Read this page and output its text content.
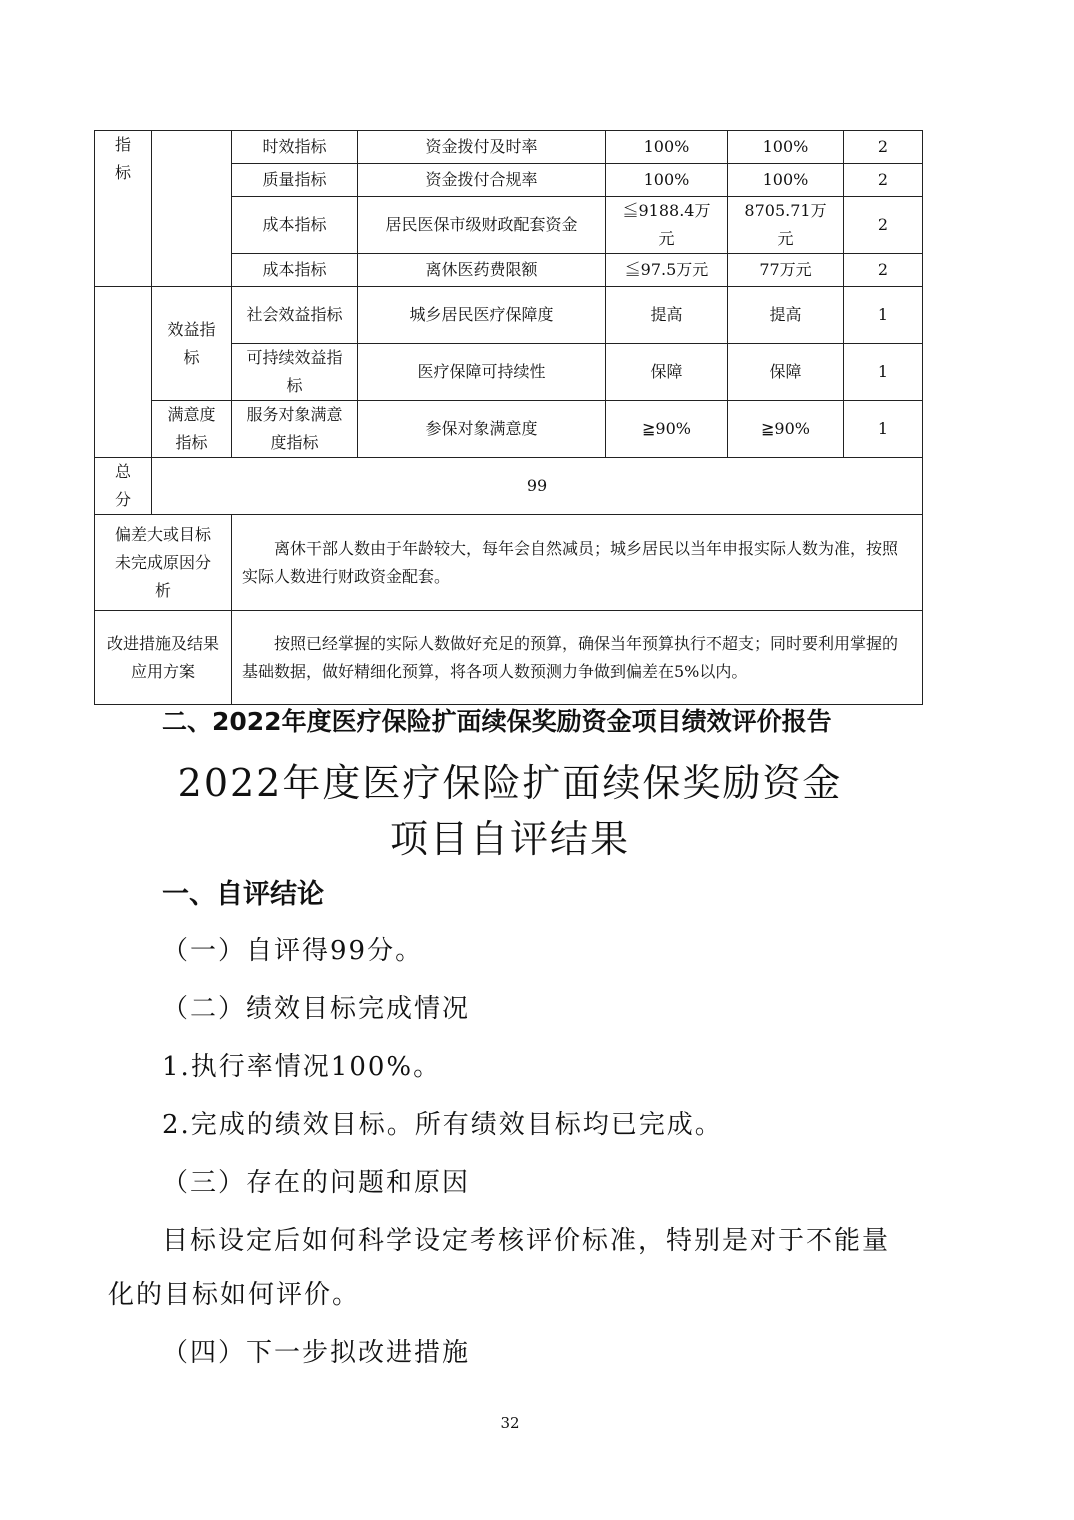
指标		时效指标	资金拨付及时率	100%	100%	2
		质量指标	资金拨付合规率	100%	100%	2
		成本指标	居民医保市级财政配套资金	≦9188.4万元	8705.71万元	2
		成本指标	离休医药费限额	≦97.5万元	77万元	2
	效益指标	社会效益指标	城乡居民医疗保障度	提高	提高	1
		可持续效益指标	医疗保障可持续性	保障	保障	1
	满意度指标	服务对象满意度指标	参保对象满意度	≧90%	≧90%	1
总分	99					
偏差大或目标未完成原因分析		离休干部人数由于年龄较大，每年会自然减员；城乡居民以当年申报实际人数为准，按照实际人数进行财政资金配套。				

改进措施及结果应用方案		按照已经掌握的实际人数做好充足的预算，确保当年预算执行不超支；同时要利用掌握的基础数据，做好精细化预算，将各项人数预测力争做到偏差在5%以内。				
二、2022年度医疗保险扩面续保奖励资金项目绩效评价报告
2022年度医疗保险扩面续保奖励资金
项目自评结果
一、自评结论
（一）自评得99分。
（二）绩效目标完成情况
1.执行率情况100%。
2.完成的绩效目标。所有绩效目标均已完成。
（三）存在的问题和原因
目标设定后如何科学设定考核评价标准，特别是对于不能量
化的目标如何评价。
（四）下一步拟改进措施
32
